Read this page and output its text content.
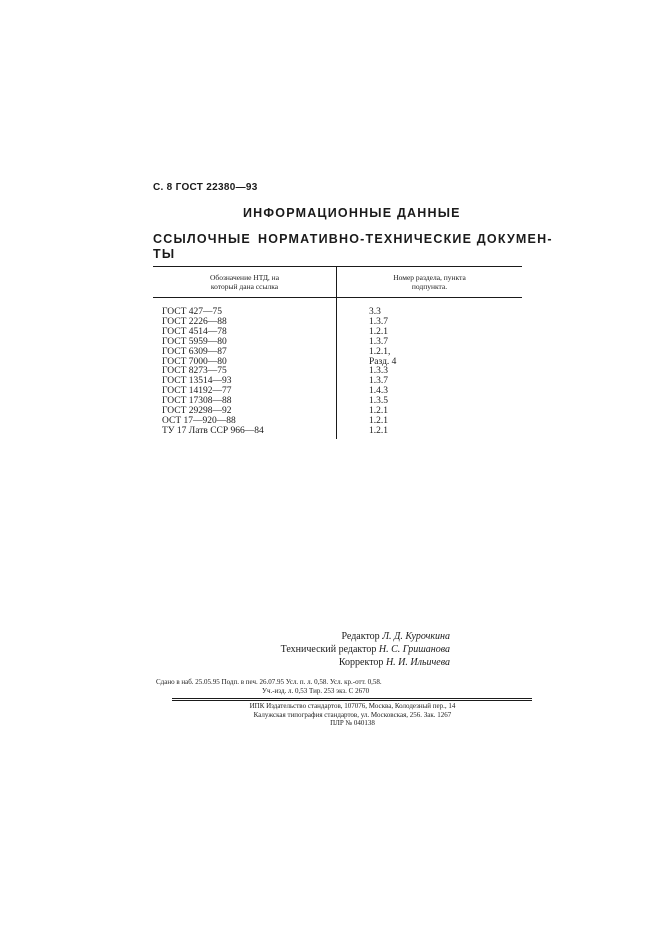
С. 8 ГОСТ 22380—93
ИНФОРМАЦИОННЫЕ ДАННЫЕ
ССЫЛОЧНЫЕ НОРМАТИВНО-ТЕХНИЧЕСКИЕ ДОКУМЕН-
ТЫ
Обозначение НТД, на
который дана ссылка
Номер раздела, пункта
подпункта.
ГОСТ 427—75
ГОСТ 2226—88
ГОСТ 4514—78
ГОСТ 5959—80
ГОСТ 6309—87
ГОСТ 7000—80
ГОСТ 8273—75
ГОСТ 13514—93
ГОСТ 14192—77
ГОСТ 17308—88
ГОСТ 29298—92
ОСТ 17—920—88
ТУ 17 Латв ССР 966—84
3.3
1.3.7
1.2.1
1.3.7
1.2.1,
Разд. 4
1.3.3
1.3.7
1.4.3
1.3.5
1.2.1
1.2.1
1.2.1
Редактор Л. Д. Курочкина
Технический редактор Н. С. Гришанова
Корректор Н. И. Ильичева
Сдано в наб. 25.05.95 Подп. в печ. 26.07.95 Усл. п. л. 0,58. Усл. кр.-отт. 0,58.
Уч.-изд. л. 0,53 Тир. 253 экз. С 2670
ИПК Издательство стандартов, 107076, Москва, Колодезный пер., 14
Калужская типография стандартов, ул. Московская, 256. Зак. 1267
ПЛР № 040138
